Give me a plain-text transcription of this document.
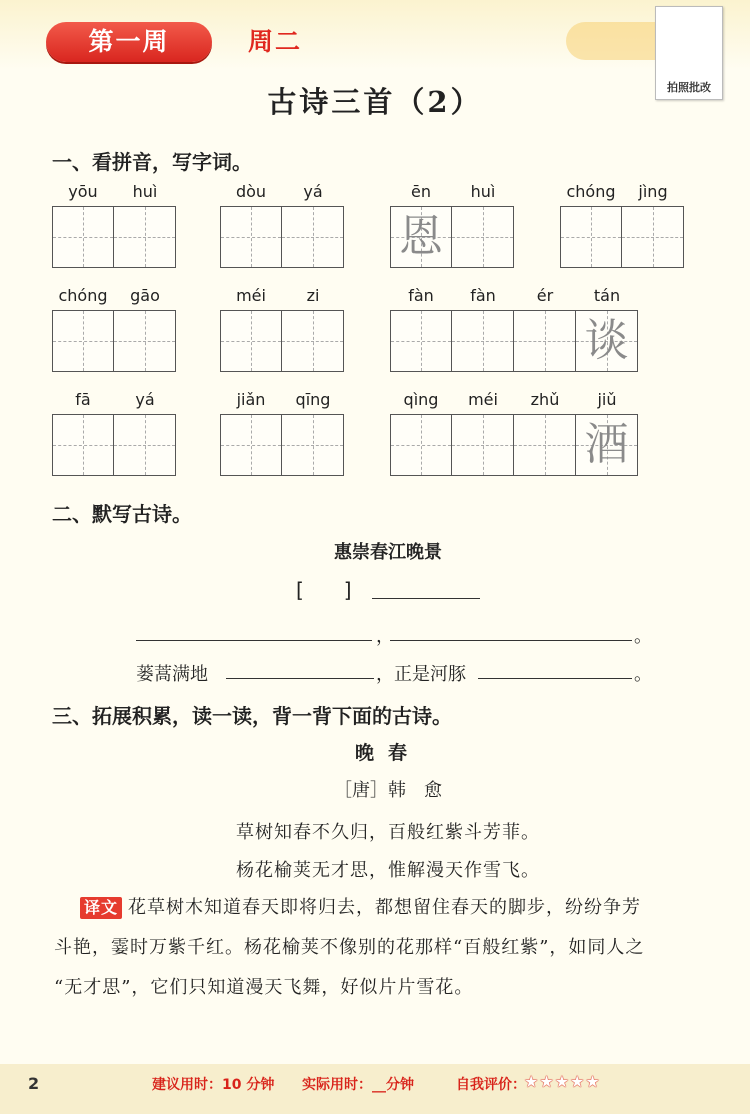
第一周	周二
拍照批改
古诗三首（2）
一、看拼音，写字词。
yōu	huì	dòu	yá	ēn	huì
恩
chóng	jìng
chóng	gāo	méi	zi	fàn	fàn	ér	tán
谈
fā	yá	jiǎn	qīng	qìng	méi	zhǔ	jiǔ
酒
二、默写古诗。
惠崇春江晚景
[　　]
，	。
蒌蒿满地	，正是河豚	。
三、拓展积累，读一读，背一背下面的古诗。
晚春
［唐］韩　愈
草树知春不久归，百般红紫斗芳菲。
杨花榆荚无才思，惟解漫天作雪飞。
译文 花草树木知道春天即将归去，都想留住春天的脚步，纷纷争芳
斗艳，霎时万紫千红。杨花榆荚不像别的花那样“百般红紫”，如同人之
“无才思”，它们只知道漫天飞舞，好似片片雪花。
2	建议用时：10 分钟 实际用时：__分钟	自我评价：
★★★★★
